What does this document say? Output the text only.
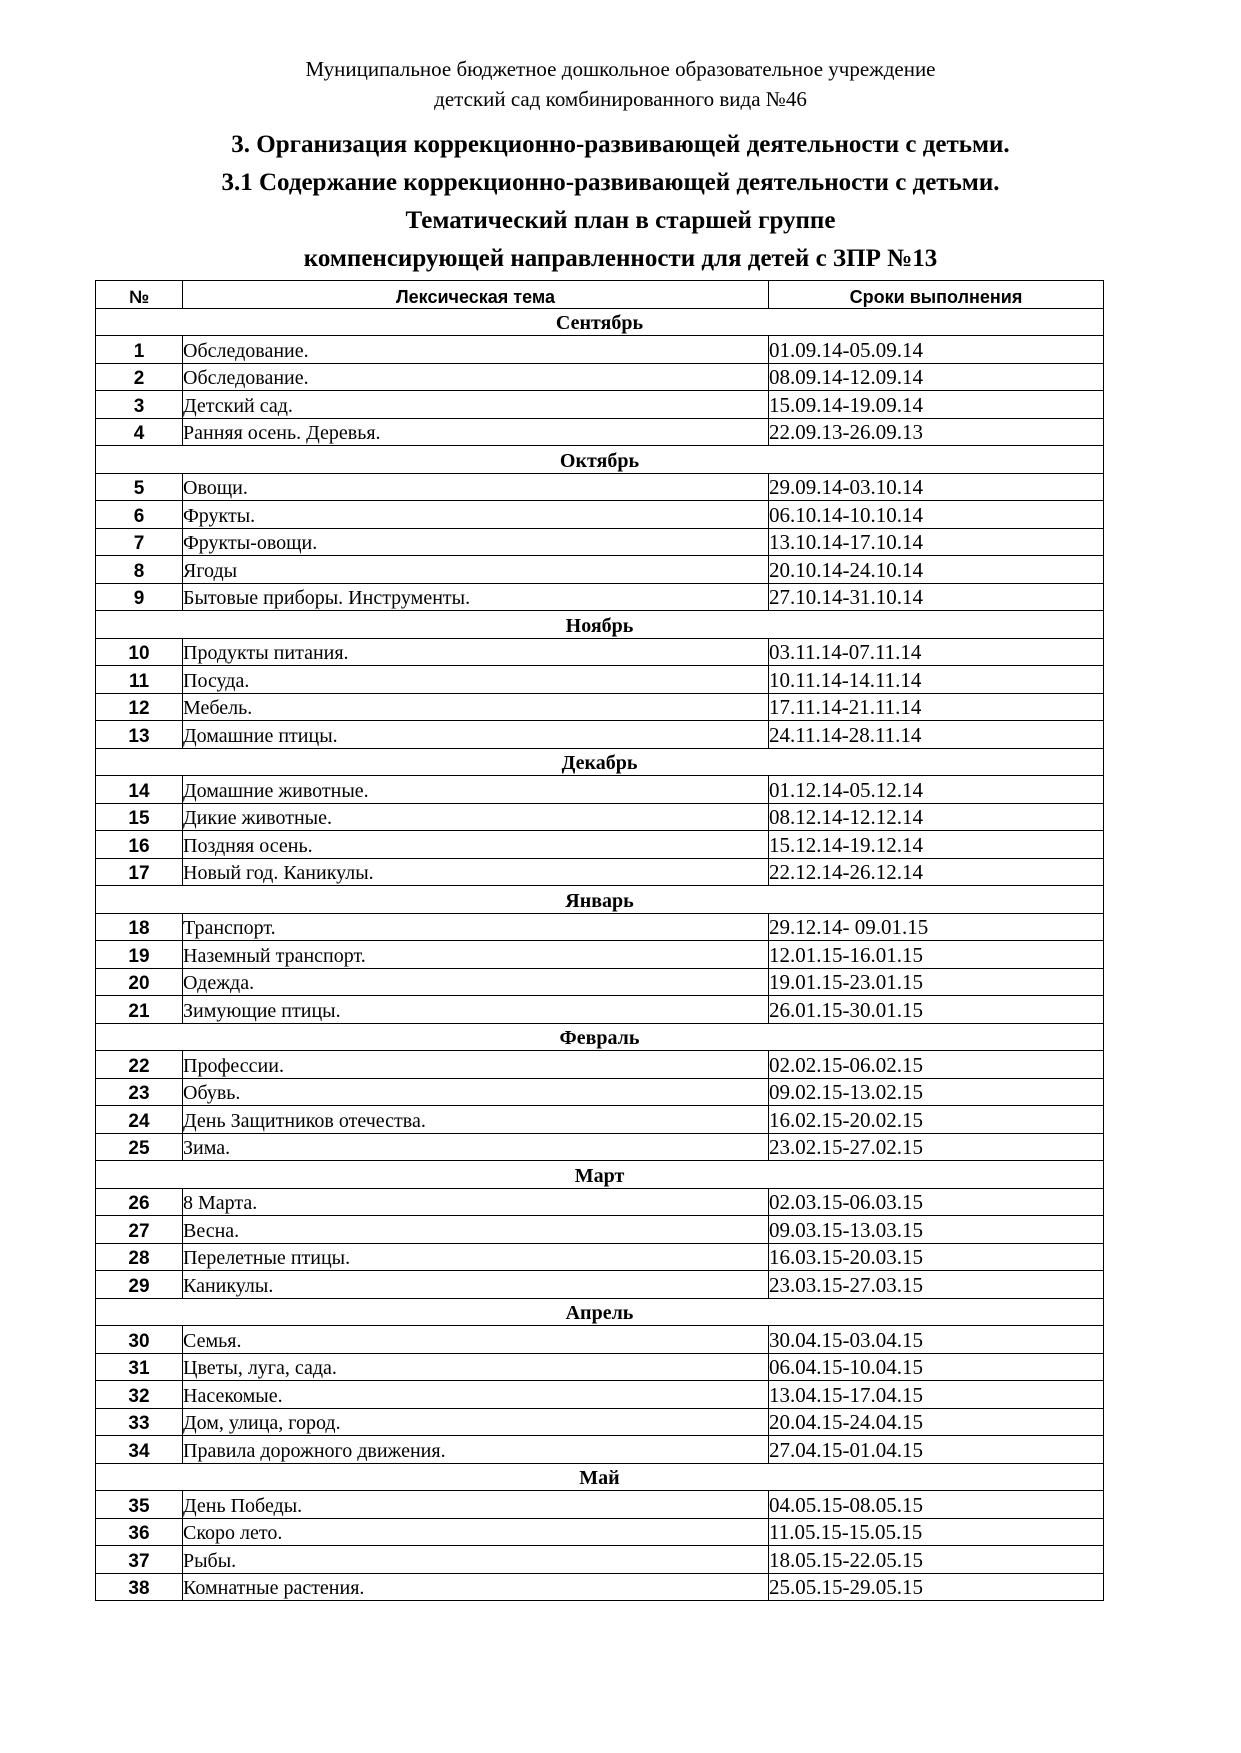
Муниципальное бюджетное дошкольное образовательное учреждение
детский сад комбинированного вида №46
3. Организация коррекционно-развивающей деятельности с детьми.
3.1 Содержание коррекционно-развивающей деятельности с детьми.
Тематический план в старшей группе
компенсирующей направленности для детей с ЗПР №13
№	Лексическая тема	Сроки выполнения
Сентябрь		
1	Обследование.	01.09.14-05.09.14
2	Обследование.	08.09.14-12.09.14
3	Детский сад.	15.09.14-19.09.14
4	Ранняя осень. Деревья.	22.09.13-26.09.13
Октябрь		
5	Овощи.	29.09.14-03.10.14
6	Фрукты.	06.10.14-10.10.14
7	Фрукты-овощи.	13.10.14-17.10.14
8	Ягоды	20.10.14-24.10.14
9	Бытовые приборы. Инструменты.	27.10.14-31.10.14
Ноябрь		
10	Продукты питания.	03.11.14-07.11.14
11	Посуда.	10.11.14-14.11.14
12	Мебель.	17.11.14-21.11.14
13	Домашние птицы.	24.11.14-28.11.14
Декабрь		
14	Домашние животные.	01.12.14-05.12.14
15	Дикие животные.	08.12.14-12.12.14
16	Поздняя осень.	15.12.14-19.12.14
17	Новый год. Каникулы.	22.12.14-26.12.14
Январь		
18	Транспорт.	29.12.14- 09.01.15
19	Наземный транспорт.	12.01.15-16.01.15
20	Одежда.	19.01.15-23.01.15
21	Зимующие птицы.	26.01.15-30.01.15
Февраль		
22	Профессии.	02.02.15-06.02.15
23	Обувь.	09.02.15-13.02.15
24	День Защитников отечества.	16.02.15-20.02.15
25	Зима.	23.02.15-27.02.15
Март		
26	8 Марта.	02.03.15-06.03.15
27	Весна.	09.03.15-13.03.15
28	Перелетные птицы.	16.03.15-20.03.15
29	Каникулы.	23.03.15-27.03.15
Апрель		
30	Семья.	30.04.15-03.04.15
31	Цветы, луга, сада.	06.04.15-10.04.15
32	Насекомые.	13.04.15-17.04.15
33	Дом, улица, город.	20.04.15-24.04.15
34	Правила дорожного движения.	27.04.15-01.04.15
Май		
35	День Победы.	04.05.15-08.05.15
36	Скоро лето.	11.05.15-15.05.15
37	Рыбы.	18.05.15-22.05.15
38	Комнатные растения.	25.05.15-29.05.15
